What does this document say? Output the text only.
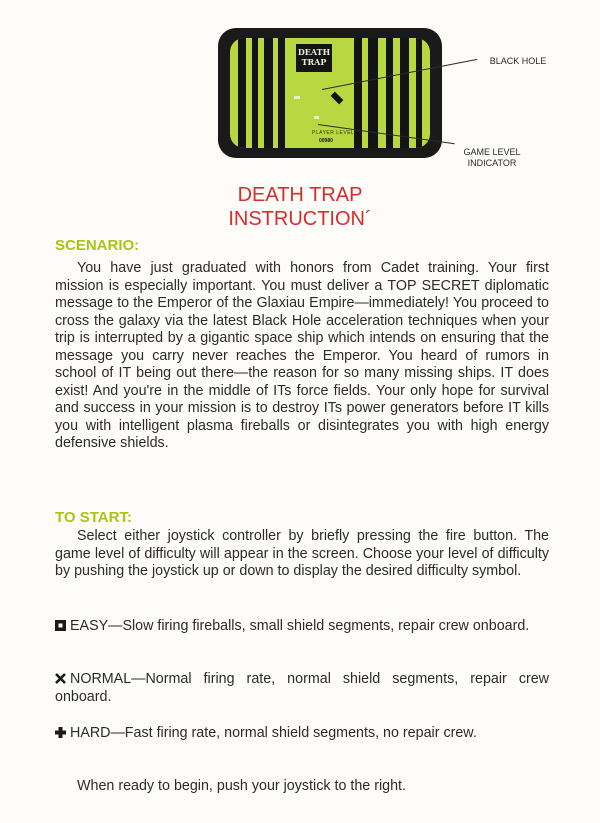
DEATH TRAP
PLAYER LEVEL
00980
BLACK HOLE
GAME LEVEL
INDICATOR
DEATH TRAP
INSTRUCTION´
SCENARIO:
You have just graduated with honors from Cadet training. Your first mission is especially important. You must deliver a TOP SECRET diplomatic message to the Emperor of the Glaxiau Empire—immediately! You proceed to cross the galaxy via the latest Black Hole acceleration techniques when your trip is interrupted by a gigantic space ship which intends on ensuring that the message you carry never reaches the Emperor. You heard of rumors in school of IT being out there—the reason for so many missing ships. IT does exist! And you're in the middle of ITs force fields. Your only hope for survival and success in your mission is to destroy ITs power generators before IT kills you with intelligent plasma fireballs or disintegrates you with high energy defensive shields.
TO START:
Select either joystick controller by briefly pressing the fire button. The game level of difficulty will appear in the screen. Choose your level of difficulty by pushing the joystick up or down to display the desired difficulty symbol.
EASY—Slow firing fireballs, small shield segments, repair crew onboard.
NORMAL—Normal firing rate, normal shield segments, repair crew onboard.
HARD—Fast firing rate, normal shield segments, no repair crew.
When ready to begin, push your joystick to the right.
